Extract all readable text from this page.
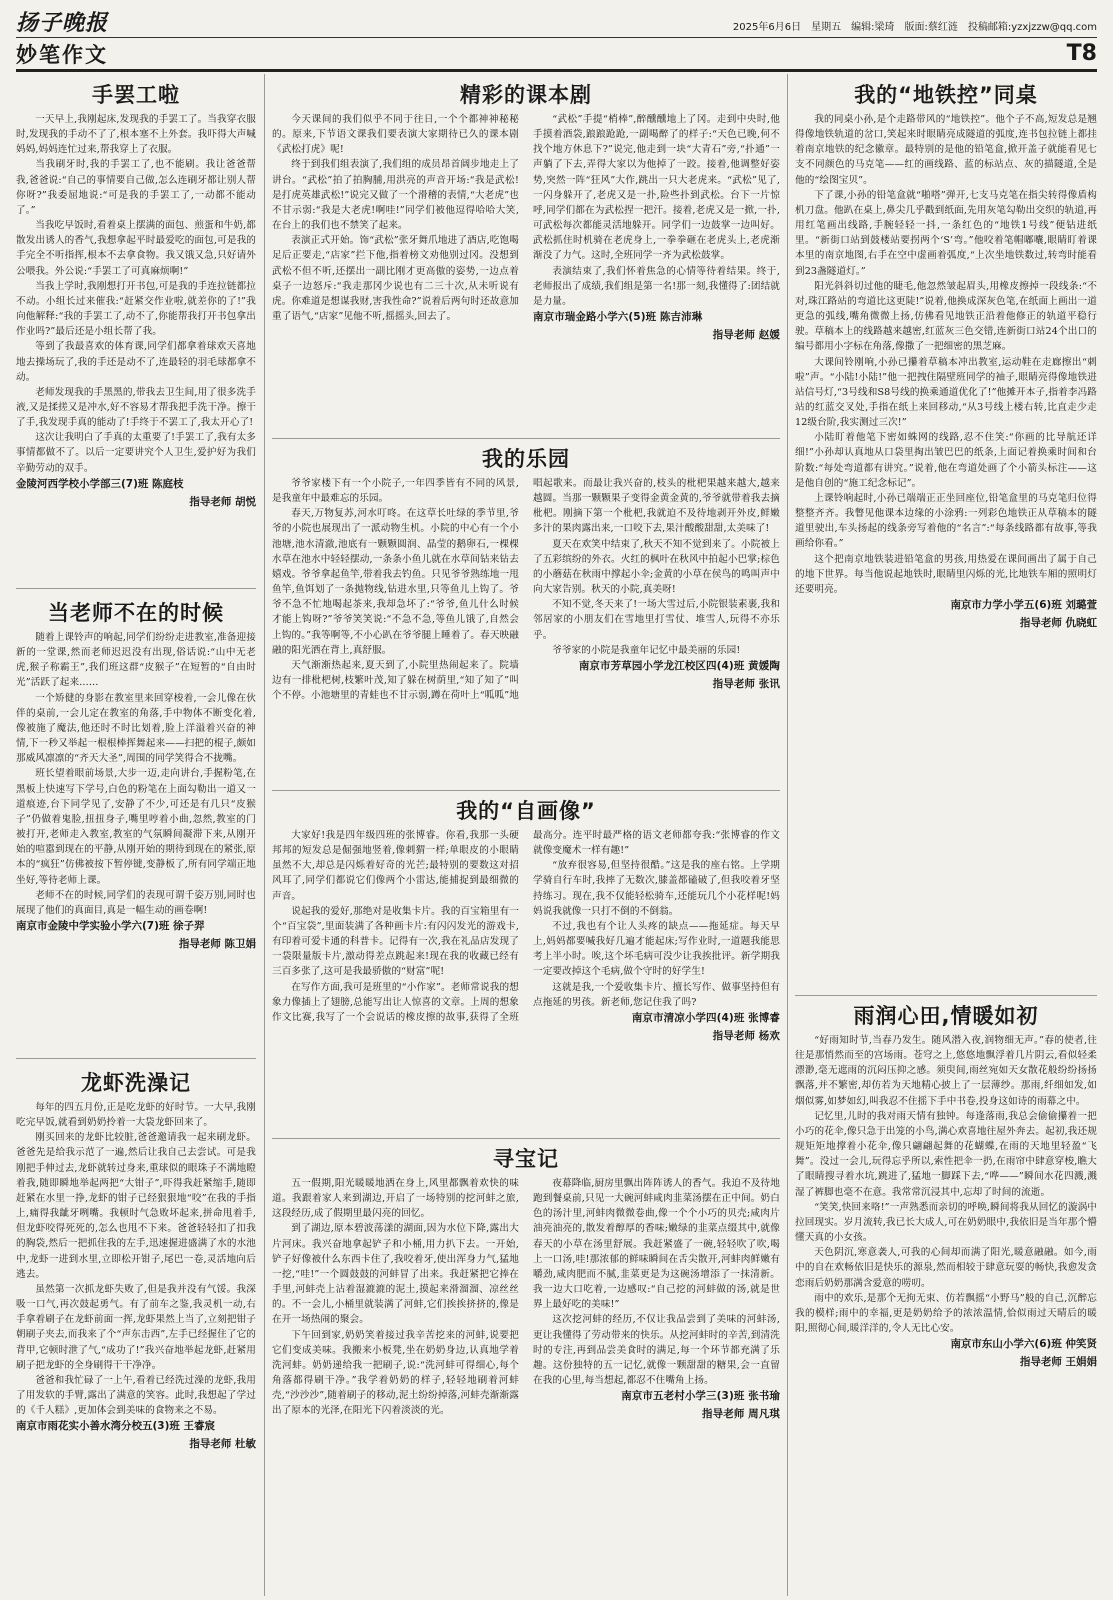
扬子晚报	2025年6月6日 星期五 编辑:梁琦 版面:蔡红涟 投稿邮箱:yzxjzzw@qq.com
妙笔作文	T8
手罢工啦

一天早上,我刚起床,发现我的手罢工了。当我穿衣服时,发现我的手动不了了,根本塞不上外套。我吓得大声喊妈妈,妈妈连忙过来,帮我穿上了衣服。

当我刷牙时,我的手罢工了,也不能刷。我让爸爸帮我,爸爸说:“自己的事情要自己做,怎么连刷牙都让别人帮你呀?”我委屈地说:“可是我的手罢工了,一动都不能动了。”

当我吃早饭时,看着桌上摆满的面包、煎蛋和牛奶,都散发出诱人的香气,我想拿起平时最爱吃的面包,可是我的手完全不听指挥,根本不去拿食物。我又饿又急,只好请外公喂我。外公说:“手罢工了可真麻烦啊!”

当我上学时,我刚想打开书包,可是我的手连拉链都拉不动。小组长过来催我:“赶紧交作业啦,就差你的了!”我向他解释:“我的手罢工了,动不了,你能帮我打开书包拿出作业吗?”最后还是小组长帮了我。

等到了我最喜欢的体育课,同学们都拿着球欢天喜地地去操场玩了,我的手还是动不了,连最轻的羽毛球都拿不动。

老师发现我的手黑黑的,带我去卫生间,用了很多洗手液,又是揉搓又是冲水,好不容易才帮我把手洗干净。擦干了手,我发现手真的能动了!手终于不罢工了,我太开心了!

这次让我明白了手真的太重要了!手罢工了,我有太多事情都做不了。以后一定要讲究个人卫生,爱护好为我们辛勤劳动的双手。

金陵河西学校小学部三(7)班 陈庭枝
指导老师 胡悦
当老师不在的时候

随着上课铃声的响起,同学们纷纷走进教室,准备迎接新的一堂课,然而老师迟迟没有出现,俗话说:“山中无老虎,猴子称霸王”,我们班这群“皮猴子”在短暂的“自由时光”活跃了起来……

一个矫健的身影在教室里来回穿梭着,一会儿像在伙伴的桌前,一会儿定在教室的角落,手中物体不断变化着,像被施了魔法,他还时不时比划着,脸上洋溢着兴奋的神情,下一秒又举起一根根棒挥舞起来——扫把的棍子,颇如那威风凛凛的“齐天大圣”,周围的同学笑得合不拢嘴。

班长望着眼前场景,大步一迈,走向讲台,手握粉笔,在黑板上快速写下学号,白色的粉笔在上面勾勒出一道又一道痕迹,台下同学见了,安静了不少,可还是有几只“皮猴子”仍做着鬼脸,扭扭身子,嘴里哼着小曲,忽然,教室的门被打开,老师走入教室,教室的气氛瞬间凝滞下来,从刚开始的喧嚣到现在的平静,从刚开始的期待到现在的紧张,原本的“疯狂”仿佛被按下暂停键,变静板了,所有同学端正地坐好,等待老师上课。

老师不在的时候,同学们的表现可谓千姿万别,同时也展现了他们的真面目,真是一幅生动的画卷啊!

南京市金陵中学实验小学六(7)班 徐子羿
指导老师 陈卫娟
龙虾洗澡记

每年的四五月份,正是吃龙虾的好时节。一大早,我刚吃完早饭,就看到奶奶拎着一大袋龙虾回来了。

刚买回来的龙虾比较脏,爸爸邀请我一起来刷龙虾。爸爸先是给我示范了一遍,然后让我自己去尝试。可是我刚把手伸过去,龙虾就转过身来,重球似的眼珠子不满地瞪着我,随即瞬地举起两把“大钳子”,吓得我赶紧缩手,随即赶紧在水里一挣,龙虾的钳子已经狠狠地“咬”在我的手指上,痛得我龇牙咧嘴。我顿时气急败坏起来,拼命甩着手,但龙虾咬得死死的,怎么也甩不下来。爸爸轻轻扣了扣我的胸袋,然后一把抓住我的左手,迅速握进盛满了水的水池中,龙虾一进到水里,立即松开钳子,尾巴一卷,灵活地向后逃去。

虽然第一次抓龙虾失败了,但是我并没有气馁。我深吸一口气,再次鼓起勇气。有了前车之鉴,我灵机一动,右手拿着刷子在龙虾前面一挥,龙虾果然上当了,立刻把钳子朝刷子夹去,而我来了个“声东击西”,左手已经握住了它的背甲,它顿时泄了气,“成功了!”我兴奋地举起龙虾,赶紧用刷子把龙虾的全身刷得干干净净。

爸爸和我忙碌了一上午,看着已经洗过澡的龙虾,我用了用发软的手臂,露出了满意的笑容。此时,我想起了学过的《千人糕》,更加体会到美味的食物来之不易。

南京市雨花实小善水湾分校五(3)班 王睿宸
指导老师 杜敏
精彩的课本剧

今天课间的我们似乎不同于往日,一个个都神神秘秘的。原来,下节语文课我们要表演大家期待已久的课本剧《武松打虎》呢!

终于到我们组表演了,我们组的成员昂首阔步地走上了讲台。“武松”拍了拍胸脯,用洪亮的声音开场:“我是武松!是打虎英雄武松!”说完又做了一个滑稽的表情,“大老虎”也不甘示弱:“我是大老虎!啊哇!”同学们被他逗得哈哈大笑,在台上的我们也不禁笑了起来。

表演正式开始。饰“武松”张牙舞爪地进了酒店,吃饱喝足后正要走,“店家”拦下他,指着榜文劝他别过冈。没想到武松不但不听,还摆出一副比刚才更高傲的姿势,一边点着桌子一边怒斥:“我走那冈少说也有二三十次,从未听说有虎。你难道是想谋我财,害我性命?”说着后两句时还故意加重了语气,“店家”见他不听,摇摇头,回去了。

“武松”手提“梢棒”,醉醺醺地上了冈。走到中央时,他手摸着酒袋,踉踉跄跄,一副喝醉了的样子:“天色已晚,何不找个地方休息下?”说完,他走到一块“大青石”旁,“扑通”一声躺了下去,弄得大家以为他掉了一跤。接着,他调整好姿势,突然一阵“狂风”大作,跳出一只大老虎来。“武松”见了,一闪身躲开了,老虎又是一扑,险些扑到武松。台下一片惊呼,同学们都在为武松捏一把汗。接着,老虎又是一掀,一扑,可武松每次都能灵活地躲开。同学们一边鼓掌一边叫好。武松抓住时机骑在老虎身上,一拳拳砸在老虎头上,老虎渐渐没了力气。这时,全班同学一齐为武松鼓掌。

表演结束了,我们怀着焦急的心情等待着结果。终于,老师报出了成绩,我们组是第一名!那一刻,我懂得了:团结就是力量。

南京市瑞金路小学六(5)班 陈吉沛琳
指导老师 赵媛
我的乐园

爷爷家楼下有一个小院子,一年四季皆有不同的风景,是我童年中最难忘的乐园。

春天,万物复苏,河水叮咚。在这草长吐绿的季节里,爷爷的小院也展现出了一派动物生机。小院的中心有一个小池塘,池水清澈,池底有一颗颗圆润、晶莹的鹅卵石,一棵棵水草在池水中轻轻摆动,一条条小鱼儿就在水草间钻来钻去嬉戏。爷爷拿起鱼竿,带着我去钓鱼。只见爷爷熟练地一甩鱼竿,鱼饵划了一条抛物线,钻进水里,只等鱼儿上钩了。爷爷不急不忙地喝起茶来,我却急坏了:“爷爷,鱼儿什么时候才能上钩呀?”爷爷笑笑说:“不急不急,等鱼儿饿了,自然会上钩的。”我等啊等,不小心趴在爷爷腿上睡着了。春天映融融的阳光洒在背上,真舒服。

天气渐渐热起来,夏天到了,小院里热闹起来了。院墙边有一排枇杷树,枝繁叶茂,知了躲在树荫里,“知了知了”叫个不停。小池塘里的青蛙也不甘示弱,蹲在荷叶上“呱呱”地唱起歌来。而最让我兴奋的,枝头的枇杷果越来越大,越来越圆。当那一颗颗果子变得金黄金黄的,爷爷就带着我去摘枇杷。刚摘下第一个枇杷,我就迫不及待地剥开外皮,鲜嫩多汁的果肉露出来,一口咬下去,果汁酸酸甜甜,太美味了!

夏天在欢笑中结束了,秋天不知不觉到来了。小院被上了五彩缤纷的外衣。火红的枫叶在秋风中拍起小巴掌;棕色的小蘑菇在秋雨中撑起小伞;金黄的小草在侯鸟的鸣叫声中向大家告别。秋天的小院,真美呀!

不知不觉,冬天来了!一场大雪过后,小院银装素裹,我和邻居家的小朋友们在雪地里打雪仗、堆雪人,玩得不亦乐乎。

爷爷家的小院是我童年记忆中最美丽的乐园!

南京市芳草园小学龙江校区四(4)班 黄媛陶
指导老师 张讯
我的“自画像”

大家好!我是四年级四班的张博睿。你看,我那一头硬邦邦的短发总是倔强地竖着,像刺猬一样;单眼皮的小眼睛虽然不大,却总是闪烁着好奇的光芒;最特别的要数这对招风耳了,同学们都说它们像两个小雷达,能捕捉到最细微的声音。

说起我的爱好,那绝对是收集卡片。我的百宝箱里有一个“百宝袋”,里面装满了各种画卡片:有闪闪发光的游戏卡,有印着可爱卡通的科普卡。记得有一次,我在礼品店发现了一袋限量版卡片,激动得差点跳起来!现在我的收藏已经有三百多张了,这可是我最骄傲的“财富”呢!

在写作方面,我可是班里的“小作家”。老师常说我的想象力像插上了翅膀,总能写出让人惊喜的文章。上周的想象作文比赛,我写了一个会说话的橡皮擦的故事,获得了全班最高分。连平时最严格的语文老师都夸我:“张博睿的作文就像变魔术一样有趣!”

“放弃很容易,但坚持很酷。”这是我的座右铭。上学期学骑自行车时,我摔了无数次,膝盖都磕破了,但我咬着牙坚持练习。现在,我不仅能轻松骑车,还能玩几个小花样呢!妈妈说我就像一只打不倒的不倒翁。

不过,我也有个让人头疼的缺点——拖延症。每天早上,妈妈都要喊我好几遍才能起床;写作业时,一道题我能思考上半小时。唉,这个坏毛病可没少让我挨批评。新学期我一定要改掉这个毛病,做个守时的好学生!

这就是我,一个爱收集卡片、擅长写作、做事坚持但有点拖延的男孩。新老师,您记住我了吗?

南京市清凉小学四(4)班 张博睿
指导老师 杨欢
寻宝记

五一假期,阳光暖暖地洒在身上,风里都飘着欢快的味道。我跟着家人来到湖边,开启了一场特别的挖河蚌之旅,这段经历,成了假期里最闪亮的回忆。

到了湖边,原本碧波荡漾的湖面,因为水位下降,露出大片河床。我兴奋地拿起铲子和小桶,用力扒下去。一开始,铲子好像被什么东西卡住了,我咬着牙,使出浑身力气,猛地一挖,“哇!”一个圆鼓鼓的河蚌冒了出来。我赶紧把它捧在手里,河蚌壳上沾着湿漉漉的泥土,摸起来滑溜溜、凉丝丝的。不一会儿,小桶里就装满了河蚌,它们挨挨挤挤的,像是在开一场热闹的聚会。

下午回到家,奶奶笑着接过我辛苦挖来的河蚌,说要把它们变成美味。我搬来小板凳,坐在奶奶身边,认真地学着洗河蚌。奶奶递给我一把刷子,说:“洗河蚌可得细心,每个角落都得刷干净。”我学着奶奶的样子,轻轻地刷着河蚌壳,“沙沙沙”,随着刷子的移动,泥土纷纷掉落,河蚌壳渐渐露出了原本的光泽,在阳光下闪着淡淡的光。

夜幕降临,厨房里飘出阵阵诱人的香气。我迫不及待地跑到餐桌前,只见一大碗河蚌咸肉韭菜汤摆在正中间。奶白色的汤汁里,河蚌肉微微卷曲,像一个个小巧的贝壳;咸肉片油亮油亮的,散发着醇厚的香味;嫩绿的韭菜点缀其中,就像春天的小草在汤里舒展。我赶紧盛了一碗,轻轻吹了吹,喝上一口汤,哇!那浓郁的鲜味瞬间在舌尖散开,河蚌肉鲜嫩有嚼劲,咸肉肥而不腻,韭菜更是为这碗汤增添了一抹清新。我一边大口吃着,一边感叹:“自己挖的河蚌做的汤,就是世界上最好吃的美味!”

这次挖河蚌的经历,不仅让我品尝到了美味的河蚌汤,更让我懂得了劳动带来的快乐。从挖河蚌时的辛苦,到清洗时的专注,再到品尝美食时的满足,每一个环节都充满了乐趣。这份独特的五一记忆,就像一颗甜甜的糖果,会一直留在我的心里,每当想起,都忍不住嘴角上扬。

南京市五老村小学三(3)班 张书瑜
指导老师 周凡琪
我的“地铁控”同桌

我的同桌小孙,是个走路带风的“地铁控”。他个子不高,短发总是翘得像地铁轨道的岔口,笑起来时眼睛亮成隧道的弧度,连书包拉链上都挂着南京地铁的纪念徽章。最特别的是他的铅笔盒,掀开盖子就能看见七支不同颜色的马克笔——红的画线路、蓝的标站点、灰的描隧道,全是他的“绘图宝贝”。

下了课,小孙的铅笔盒就“啪嗒”弹开,七支马克笔在指尖转得像盾构机刀盘。他趴在桌上,鼻尖几乎戳到纸面,先用灰笔勾勒出交织的轨道,再用红笔画出线路,手腕轻轻一抖,一条红色的“地铁1号线”便钻进纸里。“新街口站到鼓楼站要拐两个‘S’弯。”他咬着笔帽嘟囔,眼睛盯着课本里的南京地图,右手在空中虚画着弧度,“上次坐地铁数过,转弯时能看到23盏隧道灯。”

阳光斜斜切过他的睫毛,他忽然皱起眉头,用橡皮擦掉一段线条:“不对,珠江路站的弯道比这更陡!”说着,他换成深灰色笔,在纸面上画出一道更急的弧线,嘴角微微上扬,仿佛看见地铁正沿着他修正的轨道平稳行驶。草稿本上的线路越来越密,红蓝灰三色交错,连新街口站24个出口的编号都用小字标在角落,像撒了一把细密的黑芝麻。

大课间铃刚响,小孙已攥着草稿本冲出教室,运动鞋在走廊擦出“刺啦”声。“小陆!小陆!”他一把拽住隔壁班同学的袖子,眼睛亮得像地铁进站信号灯,“3号线和S8号线的换乘通道优化了!”他摊开本子,指着李冯路站的红蓝交叉处,手指在纸上来回移动,“从3号线上楼右转,比直走少走12级台阶,我实测过三次!”

小陆盯着他笔下密如蛛网的线路,忍不住笑:“你画的比导航还详细!”小孙却认真地从口袋里掏出皱巴巴的纸条,上面记着换乘时间和台阶数:“每处弯道都有讲究。”说着,他在弯道处画了个小箭头标注——这是他自创的“施工纪念标记”。

上课铃响起时,小孙已端端正正坐回座位,铅笔盒里的马克笔归位得整整齐齐。我瞥见他课本边缘的小涂鸦:一列彩色地铁正从草稿本的隧道里驶出,车头扬起的线条旁写着他的“名言”:“每条线路都有故事,等我画给你看。”

这个把南京地铁装进铅笔盒的男孩,用热爱在课间画出了属于自己的地下世界。每当他说起地铁时,眼睛里闪烁的光,比地铁车厢的照明灯还要明亮。

南京市力学小学五(6)班 刘璐萱
指导老师 仇晓虹
雨润心田,情暖如初

“好雨知时节,当春乃发生。随风潜入夜,润物细无声。”春的使者,往往是那悄然而至的宫场雨。苍穹之上,悠悠地飘浮着几片阴云,看似轻柔漂渺,毫无遮雨的沉闷压抑之感。须臾间,雨丝宛如天女散花般纷纷扬扬飘落,并不繁密,却仿若为天地精心披上了一层薄纱。那雨,纤细如发,如烟似雾,如梦如幻,叫我忍不住摇下手中书卷,投身这如诗的雨幕之中。

记忆里,儿时的我对雨天情有独钟。每逢落雨,我总会偷偷攥着一把小巧的花伞,像只急于出笼的小鸟,满心欢喜地往屋外奔去。起初,我还规规矩矩地撑着小花伞,像只翩翩起舞的花蝴蝶,在雨的天地里轻盈“飞舞”。没过一会儿,玩得忘乎所以,索性把伞一扔,在雨帘中肆意穿梭,瞧大了眼睛搜寻着水坑,跳进了,猛地一脚踩下去,“哗——”瞬间水花四溅,溅湿了裤脚也毫不在意。我常常沉浸其中,忘却了时间的流逝。

“笑笑,快回来咯!”一声熟悉而亲切的呼唤,瞬间将我从回忆的漩涡中拉回现实。岁月流转,我已长大成人,可在奶奶眼中,我依旧是当年那个懵懂天真的小女孩。

天色阴沉,寒意袭人,可我的心间却而满了阳光,暖意融融。如今,雨中的自在欢畅依旧是快乐的源泉,然而相较于肆意玩耍的畅快,我愈发贪恋雨后奶奶那满含爱意的唠叨。

雨中的欢乐,是那个无拘无束、仿若飘摇“小野马”般的自己,沉醉忘我的模样;雨中的幸福,更是奶奶给予的浓浓温情,恰似雨过天晴后的暖阳,照彻心间,暖洋洋的,令人无比心安。

南京市东山小学六(6)班 仲笑贤
指导老师 王娟娟
